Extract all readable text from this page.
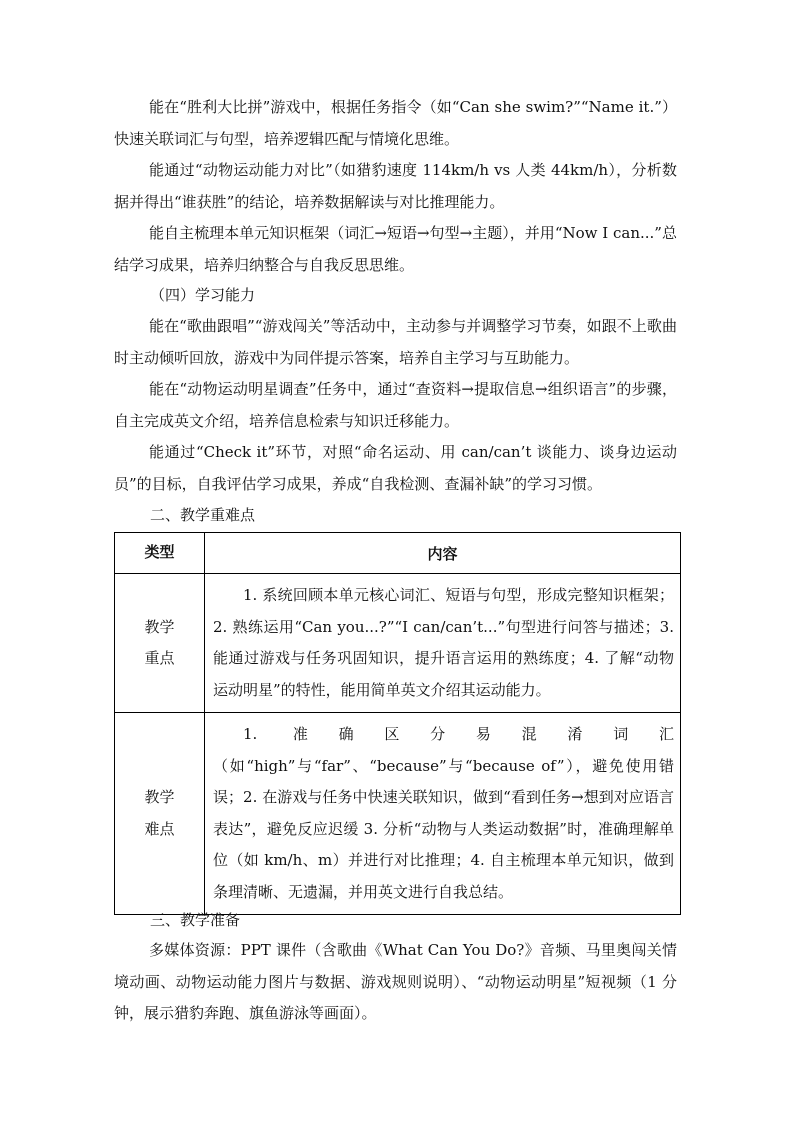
能在“胜利大比拼”游戏中，根据任务指令（如“Can she swim?”“Name it.”）快速关联词汇与句型，培养逻辑匹配与情境化思维。

能通过“动物运动能力对比”（如猎豹速度 114km/h vs 人类 44km/h），分析数据并得出“谁获胜”的结论，培养数据解读与对比推理能力。

能自主梳理本单元知识框架（词汇→短语→句型→主题），并用“Now I can...”总结学习成果，培养归纳整合与自我反思思维。

（四）学习能力

能在“歌曲跟唱”“游戏闯关”等活动中，主动参与并调整学习节奏，如跟不上歌曲时主动倾听回放，游戏中为同伴提示答案，培养自主学习与互助能力。

能在“动物运动明星调查”任务中，通过“查资料→提取信息→组织语言”的步骤，自主完成英文介绍，培养信息检索与知识迁移能力。

能通过“Check it”环节，对照“命名运动、用 can/can’t 谈能力、谈身边运动员”的目标，自我评估学习成果，养成“自我检测、查漏补缺”的学习习惯。

二、教学重难点

类型	内容

教学
重点	1. 系统回顾本单元核心词汇、短语与句型，形成完整知识框架；2. 熟练运用“Can you...?”“I can/can’t...”句型进行问答与描述；3. 能通过游戏与任务巩固知识，提升语言运用的熟练度；4. 了解“动物运动明星”的特性，能用简单英文介绍其运动能力。

教学
难点	1. 准确区分易混淆词汇（如“high”与“far”、“because”与“because of”），避免使用错误；2. 在游戏与任务中快速关联知识，做到“看到任务→想到对应语言表达”，避免反应迟缓 3. 分析“动物与人类运动数据”时，准确理解单位（如 km/h、m）并进行对比推理；4. 自主梳理本单元知识，做到条理清晰、无遗漏，并用英文进行自我总结。

三、教学准备

多媒体资源：PPT 课件（含歌曲《What Can You Do?》音频、马里奥闯关情境动画、动物运动能力图片与数据、游戏规则说明）、“动物运动明星”短视频（1 分钟，展示猎豹奔跑、旗鱼游泳等画面）。
